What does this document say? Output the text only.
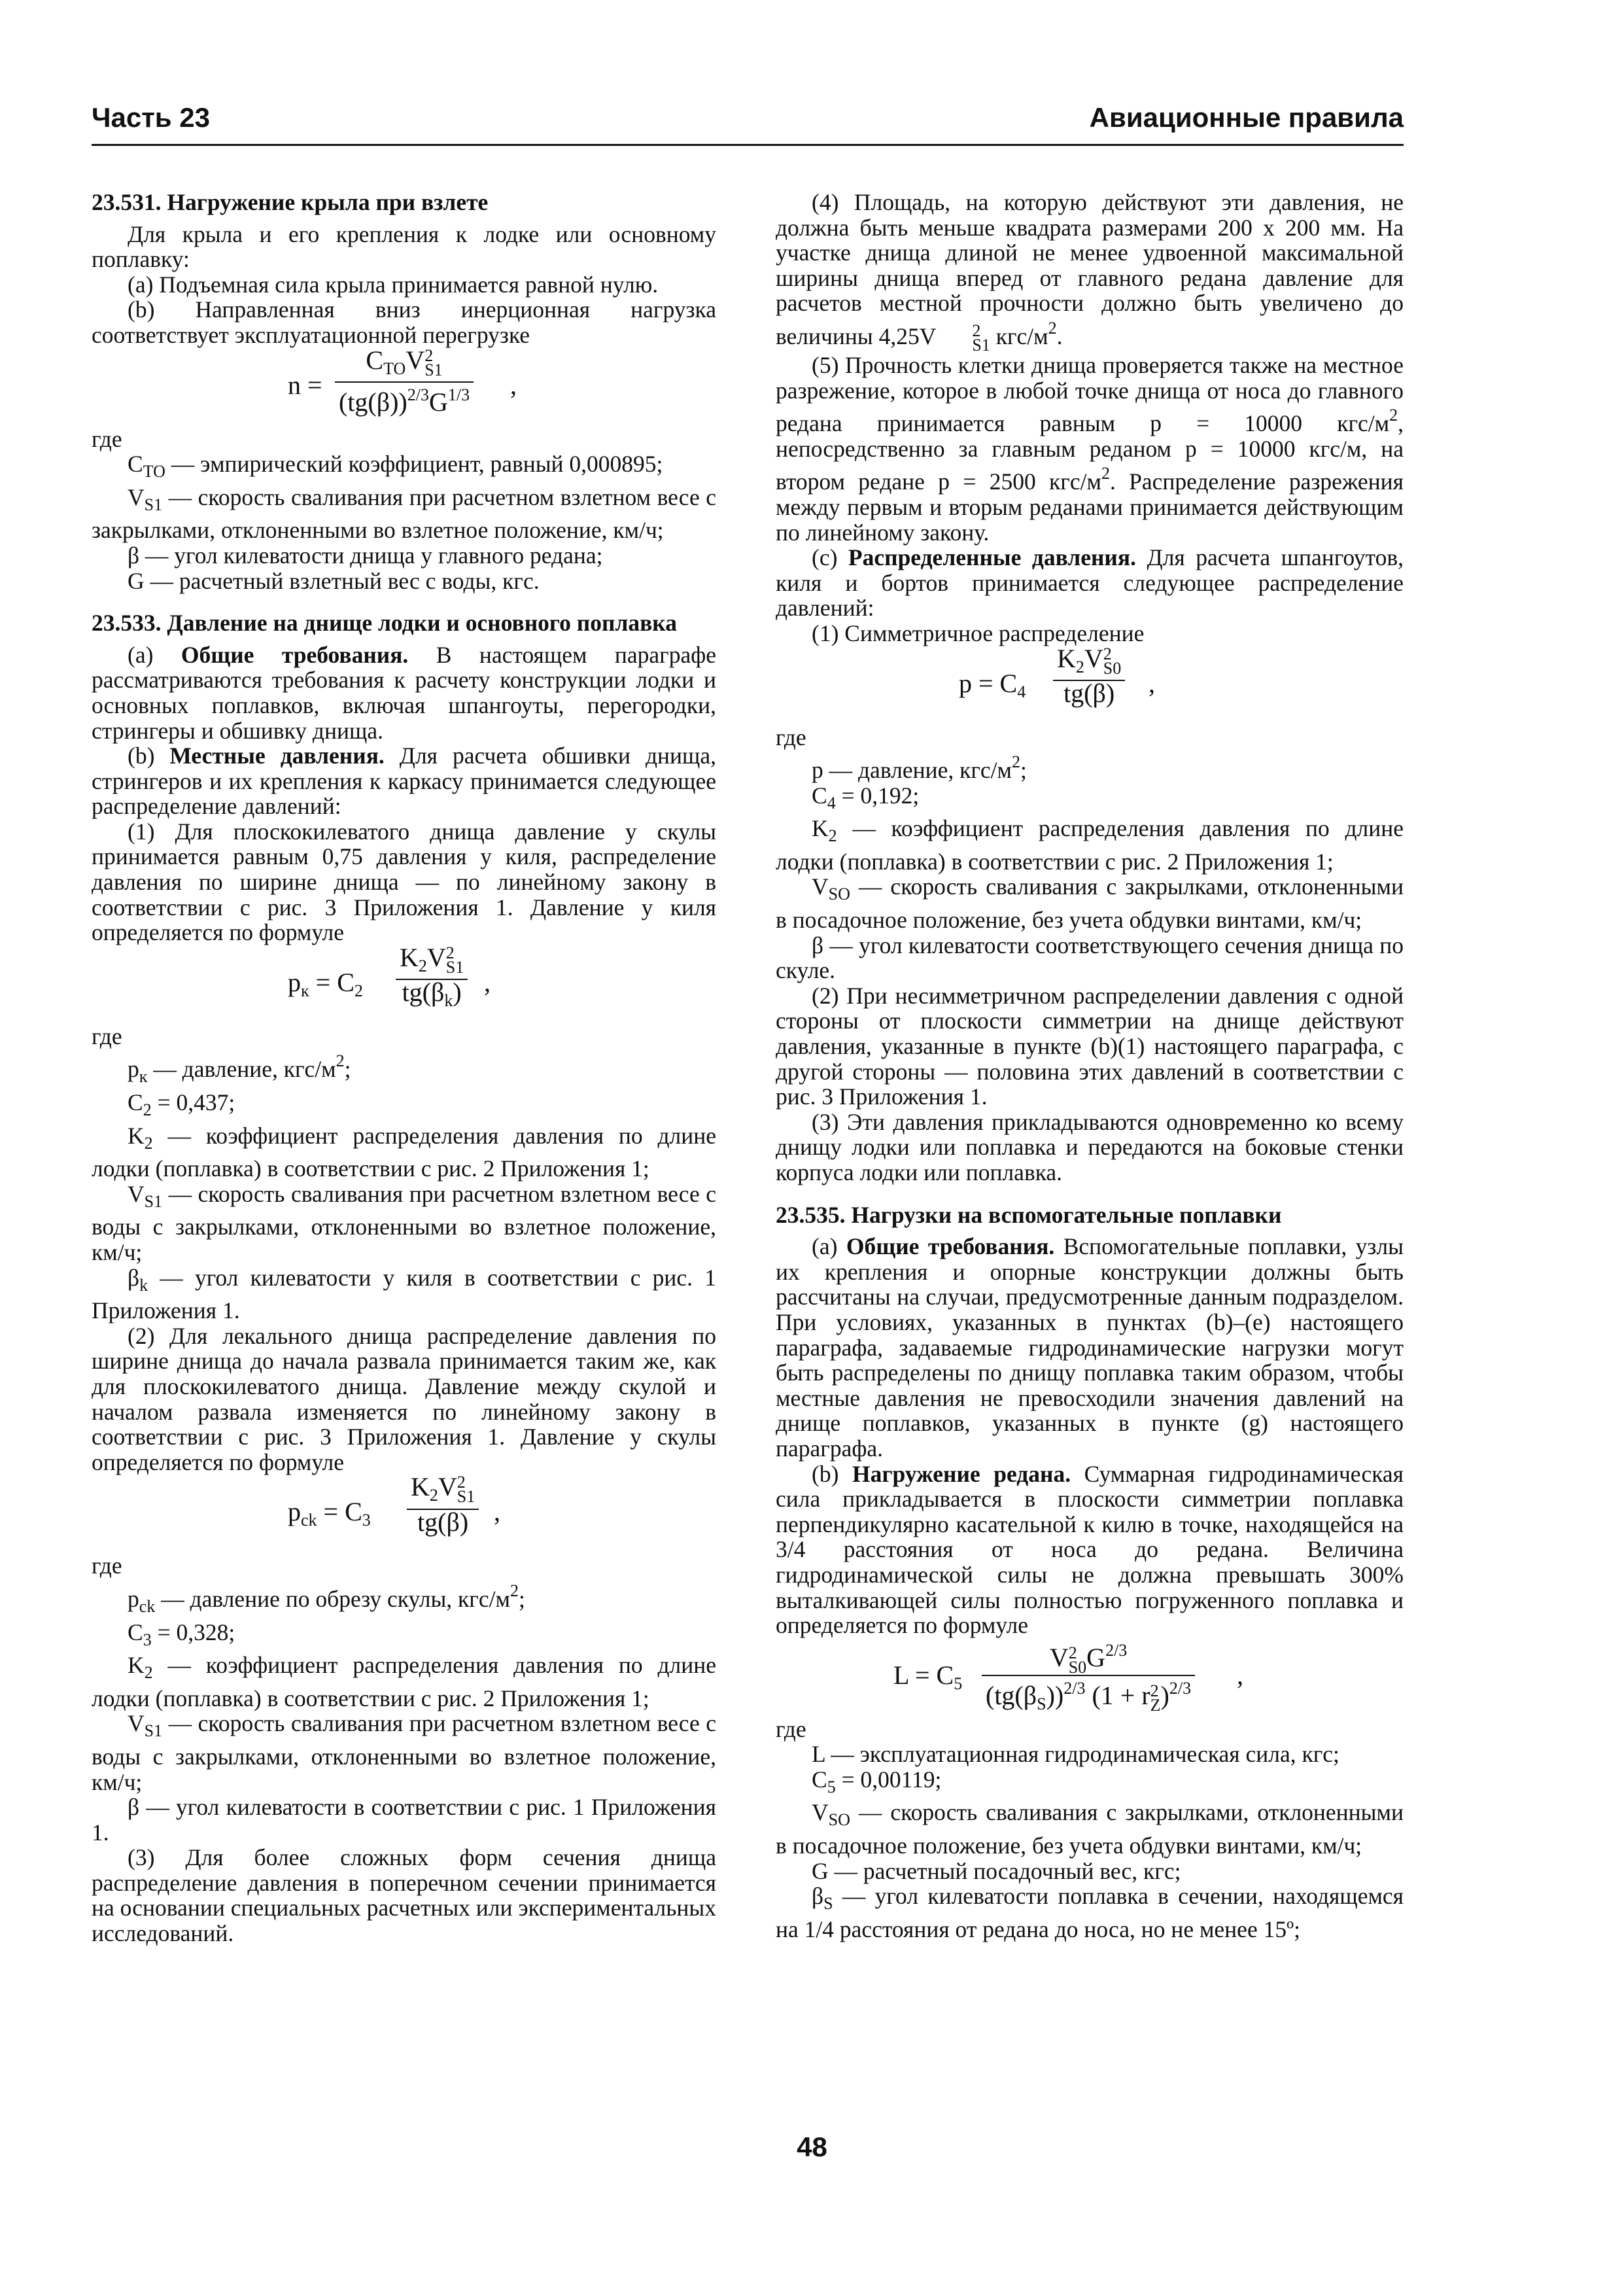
Часть 23	Авиационные правила

23.531. Нагружение крыла при взлете

Для крыла и его крепления к лодке или основному поплавку:

(a) Подъемная сила крыла принимается равной нулю.

(b) Направленная вниз инерционная нагрузка соответствует эксплуатационной перегрузке

n =
$C_{TO}V$ 2
S1
$(tg(\beta))^{2/3}G^{1/3}$ ,

где

$C_{TO}$ — эмпирический коэффициент, равный 0,000895;

$V_{S1}$ — скорость сваливания при расчетном взлетном весе с закрылками, отклоненными во взлетное положение, км/ч;

β — угол килеватости днища у главного редана;

G — расчетный взлетный вес с воды, кгс.

23.533. Давление на днище лодки и основного поплавка

(a) Общие требования. В настоящем параграфе рассматриваются требования к расчету конструкции лодки и основных поплавков, включая шпангоуты, перегородки, стрингеры и обшивку днища.

(b) Местные давления. Для расчета обшивки днища, стрингеров и их крепления к каркасу принимается следующее распределение давлений:

(1) Для плоскокилеватого днища давление у скулы принимается равным 0,75 давления у киля, распределение давления по ширине днища — по линейному закону в соответствии с рис. 3 Приложения 1. Давление у киля определяется по формуле

$p_к = C_2$ $K_2V$ 2
S1
$tg(\beta_k)$ ,

где

$p_к$ — давление, кгс/$м^2$;

$C_2 = 0,437$;

$K_2$ — коэффициент распределения давления по длине лодки (поплавка) в соответствии с рис. 2 Приложения 1;

$V_{S1}$ — скорость сваливания при расчетном взлетном весе с воды с закрылками, отклоненными во взлетное положение, км/ч;

$\beta_k$ — угол килеватости у киля в соответствии с рис. 1 Приложения 1.

(2) Для лекального днища распределение давления по ширине днища до начала развала принимается таким же, как для плоскокилеватого днища. Давление между скулой и началом развала изменяется по линейному закону в соответствии с рис. 3 Приложения 1. Давление у скулы определяется по формуле

$p_{ck} = C_3$ $K_2V$ 2
S1
tg(β) ,

где

$p_{ck}$ — давление по обрезу скулы, кгс/$м^2$;

$C_3 = 0,328$;

$K_2$ — коэффициент распределения давления по длине лодки (поплавка) в соответствии с рис. 2 Приложения 1;

$V_{S1}$ — скорость сваливания при расчетном взлетном весе с воды с закрылками, отклоненными во взлетное положение, км/ч;

β — угол килеватости в соответствии с рис. 1 Приложения 1.

(3) Для более сложных форм сечения днища распределение давления в поперечном сечении принимается на основании специальных расчетных или экспериментальных исследований.

(4) Площадь, на которую действуют эти давления, не должна быть меньше квадрата размерами 200 х 200 мм. На участке днища длиной не менее удвоенной максимальной ширины днища вперед от главного редана давление для расчетов местной прочности должно быть увеличено до величины 4,25V	2
S1 кгс/$м^2$.

(5) Прочность клетки днища проверяется также на местное разрежение, которое в любой точке днища от носа до главного редана принимается равным p = 10000 кгс/$м^2$, непосредственно за главным реданом p = 10000 кгс/м, на втором редане p = 2500 кгс/$м^2$. Распределение разрежения между первым и вторым реданами принимается действующим по линейному закону.

(c) Распределенные давления. Для расчета шпангоутов, киля и бортов принимается следующее распределение давлений:

(1) Симметричное распределение

$p = C_4$ $K_2V$ 2
S0
tg(β) ,

где

p — давление, кгс/$м^2$;

$C_4 = 0,192$;

$K_2$ — коэффициент распределения давления по длине лодки (поплавка) в соответствии с рис. 2 Приложения 1;

$V_{SO}$ — скорость сваливания с закрылками, отклоненными в посадочное положение, без учета обдувки винтами, км/ч;

β — угол килеватости соответствующего сечения днища по скуле.

(2) При несимметричном распределении давления с одной стороны от плоскости симметрии на днище действуют давления, указанные в пункте (b)(1) настоящего параграфа, с другой стороны — половина этих давлений в соответствии с рис. 3 Приложения 1.

(3) Эти давления прикладываются одновременно ко всему днищу лодки или поплавка и передаются на боковые стенки корпуса лодки или поплавка.

23.535. Нагрузки на вспомогательные поплавки

(a) Общие требования. Вспомогательные поплавки, узлы их крепления и опорные конструкции должны быть рассчитаны на случаи, предусмотренные данным подразделом. При условиях, указанных в пунктах (b)–(e) настоящего параграфа, задаваемые гидродинамические нагрузки могут быть распределены по днищу поплавка таким образом, чтобы местные давления не превосходили значения давлений на днище поплавков, указанных в пункте (g) настоящего параграфа.

(b) Нагружение редана. Суммарная гидродинамическая сила прикладывается в плоскости симметрии поплавка перпендикулярно касательной к килю в точке, находящейся на 3/4 расстояния от носа до редана. Величина гидродинамической силы не должна превышать 300% выталкивающей силы полностью погруженного поплавка и определяется по формуле

$L = C_5$ V 2
S0 $G^{2/3}$
$(tg(\beta_S))^{2/3}$ (1 + r 2
Z )$^{2/3}$ ,

где

L — эксплуатационная гидродинамическая сила, кгс;

$C_5 = 0,00119$;

$V_{SO}$ — скорость сваливания с закрылками, отклоненными в посадочное положение, без учета обдувки винтами, км/ч;

G — расчетный посадочный вес, кгс;

$\beta_S$ — угол килеватости поплавка в сечении, находящемся на 1/4 расстояния от редана до носа, но не менее 15º;

48
